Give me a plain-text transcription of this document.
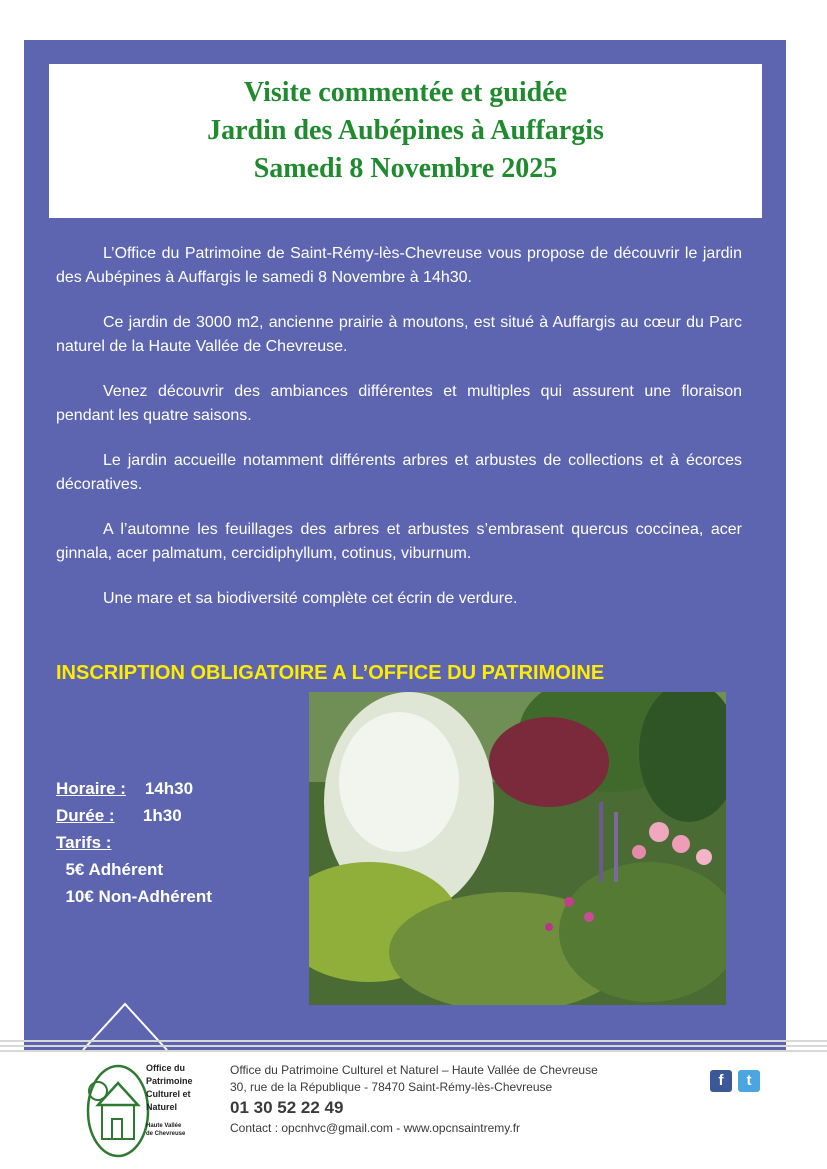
Visite commentée et guidée
Jardin des Aubépines à Auffargis
Samedi 8 Novembre 2025

L’Office du Patrimoine de Saint-Rémy-lès-Chevreuse vous propose de découvrir le jardin des Aubépines à Auffargis le samedi 8 Novembre à 14h30.

Ce jardin de 3000 m2, ancienne prairie à moutons, est situé à Auffargis au cœur du Parc naturel de la Haute Vallée de Chevreuse.

Venez découvrir des ambiances différentes et multiples qui assurent une floraison pendant les quatre saisons.

Le jardin accueille notamment différents arbres et arbustes de collections et à écorces décoratives.

A l’automne les feuillages des arbres et arbustes s’embrasent quercus coccinea, acer ginnala, acer palmatum, cercidiphyllum, cotinus, viburnum.

Une mare et sa biodiversité complète cet écrin de verdure.

INSCRIPTION OBLIGATOIRE A L’OFFICE DU PATRIMOINE
Horaire : 14h30
Durée : 1h30
Tarifs :
5€ Adhérent
10€ Non-Adhérent
Office du
Patrimoine
Culturel et
Naturel
Haute Vallée
de Chevreuse
Office du Patrimoine Culturel et Naturel – Haute Vallée de Chevreuse
30, rue de la République - 78470 Saint-Rémy-lès-Chevreuse
01 30 52 22 49
Contact : opcnhvc@gmail.com - www.opcnsaintremy.fr
f t
